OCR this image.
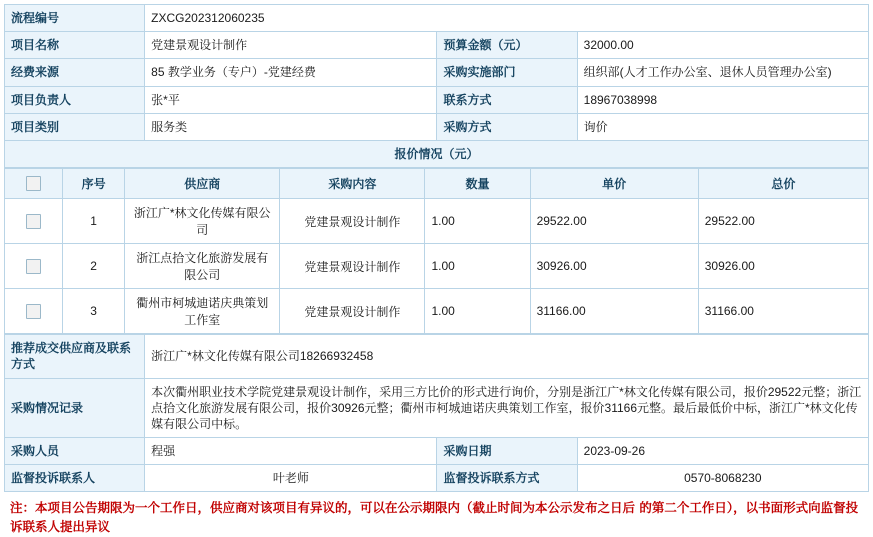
流程编号	ZXCG202312060235		
项目名称	党建景观设计制作	预算金额（元）	32000.00
经费来源	85 教学业务（专户）-党建经费	采购实施部门	组织部(人才工作办公室、退休人员管理办公室)
项目负责人	张*平	联系方式	18967038998
项目类别	服务类	采购方式	询价
报价情况（元）			
	序号	供应商	采购内容	数量	单价	总价
	1	浙江广*林文化传媒有限公司	党建景观设计制作	1.00	29522.00	29522.00
	2	浙江点拾文化旅游发展有限公司	党建景观设计制作	1.00	30926.00	30926.00
	3	衢州市柯城迪诺庆典策划工作室	党建景观设计制作	1.00	31166.00	31166.00
推荐成交供应商及联系方式	浙江广*林文化传媒有限公司18266932458		
采购情况记录	本次衢州职业技术学院党建景观设计制作，采用三方比价的形式进行询价，分别是浙江广*林文化传媒有限公司，报价29522元整；浙江点拾文化旅游发展有限公司，报价30926元整；衢州市柯城迪诺庆典策划工作室，报价31166元整。最后最低价中标，浙江广*林文化传媒有限公司中标。		
采购人员	程强	采购日期	2023-09-26
监督投诉联系人	叶老师	监督投诉联系方式	0570-8068230
注：本项目公告期限为一个工作日，供应商对该项目有异议的，可以在公示期限内（截止时间为本公示发布之日后 的第二个工作日），以书面形式向监督投诉联系人提出异议
